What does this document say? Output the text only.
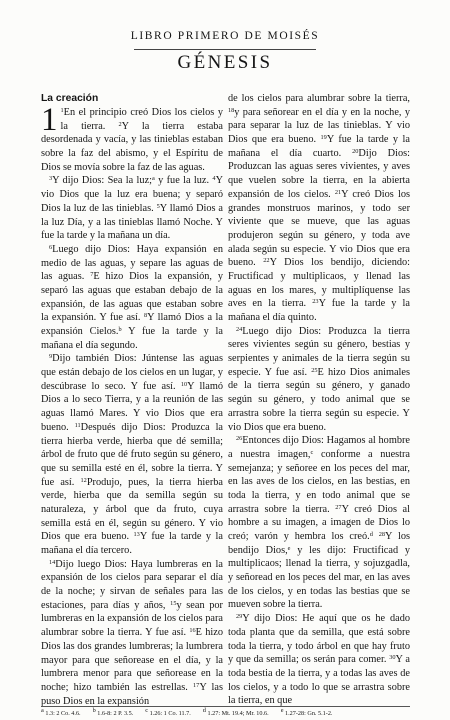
LIBRO PRIMERO DE MOISÉS
GÉNESIS
La creación
1 $^1$En el principio creó Dios los cielos y la tierra. $^2$Y la tierra estaba desordenada y vacía, y las tinieblas estaban sobre la faz del abismo, y el Espíritu de Dios se movía sobre la faz de las aguas.

$^3$Y dijo Dios: Sea la luz;$^a$ y fue la luz. $^4$Y vio Dios que la luz era buena; y separó Dios la luz de las tinieblas. $^5$Y llamó Dios a la luz Día, y a las tinieblas llamó Noche. Y fue la tarde y la mañana un día.

$^6$Luego dijo Dios: Haya expansión en medio de las aguas, y separe las aguas de las aguas. $^7$E hizo Dios la expansión, y separó las aguas que estaban debajo de la expansión, de las aguas que estaban sobre la expansión. Y fue así. $^8$Y llamó Dios a la expansión Cielos.$^b$ Y fue la tarde y la mañana el día segundo.

$^9$Dijo también Dios: Júntense las aguas que están debajo de los cielos en un lugar, y descúbrase lo seco. Y fue así. $^{10}$Y llamó Dios a lo seco Tierra, y a la reunión de las aguas llamó Mares. Y vio Dios que era bueno. $^{11}$Después dijo Dios: Produzca la tierra hierba verde, hierba que dé semilla; árbol de fruto que dé fruto según su género, que su semilla esté en él, sobre la tierra. Y fue así. $^{12}$Produjo, pues, la tierra hierba verde, hierba que da semilla según su naturaleza, y árbol que da fruto, cuya semilla está en él, según su género. Y vio Dios que era bueno. $^{13}$Y fue la tarde y la mañana el día tercero.

$^{14}$Dijo luego Dios: Haya lumbreras en la expansión de los cielos para separar el día de la noche; y sirvan de señales para las estaciones, para días y años, $^{15}$y sean por lumbreras en la expansión de los cielos para alumbrar sobre la tierra. Y fue así. $^{16}$E hizo Dios las dos grandes lumbreras; la lumbrera mayor para que señorease en el día, y la lumbrera menor para que señorease en la noche; hizo también las estrellas. $^{17}$Y las puso Dios en la expansión

de los cielos para alumbrar sobre la tierra, $^{18}$y para señorear en el día y en la noche, y para separar la luz de las tinieblas. Y vio Dios que era bueno. $^{19}$Y fue la tarde y la mañana el día cuarto. $^{20}$Dijo Dios: Produzcan las aguas seres vivientes, y aves que vuelen sobre la tierra, en la abierta expansión de los cielos. $^{21}$Y creó Dios los grandes monstruos marinos, y todo ser viviente que se mueve, que las aguas produjeron según su género, y toda ave alada según su especie. Y vio Dios que era bueno. $^{22}$Y Dios los bendijo, diciendo: Fructificad y multiplicaos, y llenad las aguas en los mares, y multiplíquense las aves en la tierra. $^{23}$Y fue la tarde y la mañana el día quinto.

$^{24}$Luego dijo Dios: Produzca la tierra seres vivientes según su género, bestias y serpientes y animales de la tierra según su especie. Y fue así. $^{25}$E hizo Dios animales de la tierra según su género, y ganado según su género, y todo animal que se arrastra sobre la tierra según su especie. Y vio Dios que era bueno.

$^{26}$Entonces dijo Dios: Hagamos al hombre a nuestra imagen,$^c$ conforme a nuestra semejanza; y señoree en los peces del mar, en las aves de los cielos, en las bestias, en toda la tierra, y en todo animal que se arrastra sobre la tierra. $^{27}$Y creó Dios al hombre a su imagen, a imagen de Dios lo creó; varón y hembra los creó.$^d$ $^{28}$Y los bendijo Dios,$^e$ y les dijo: Fructificad y multiplicaos; llenad la tierra, y sojuzgadla, y señoread en los peces del mar, en las aves de los cielos, y en todas las bestias que se mueven sobre la tierra.

$^{29}$Y dijo Dios: He aquí que os he dado toda planta que da semilla, que está sobre toda la tierra, y todo árbol en que hay fruto y que da semilla; os serán para comer. $^{30}$Y a toda bestia de la tierra, y a todas las aves de los cielos, y a todo lo que se arrastra sobre la tierra, en que

$^a$ 1.3: 2 Co. 4.6. $^b$ 1.6-8: 2 P. 3.5. $^c$ 1.26: 1 Co. 11.7. $^d$ 1.27: Mt. 19.4; Mr. 10.6. $^e$ 1.27-28: Gn. 5.1-2.
